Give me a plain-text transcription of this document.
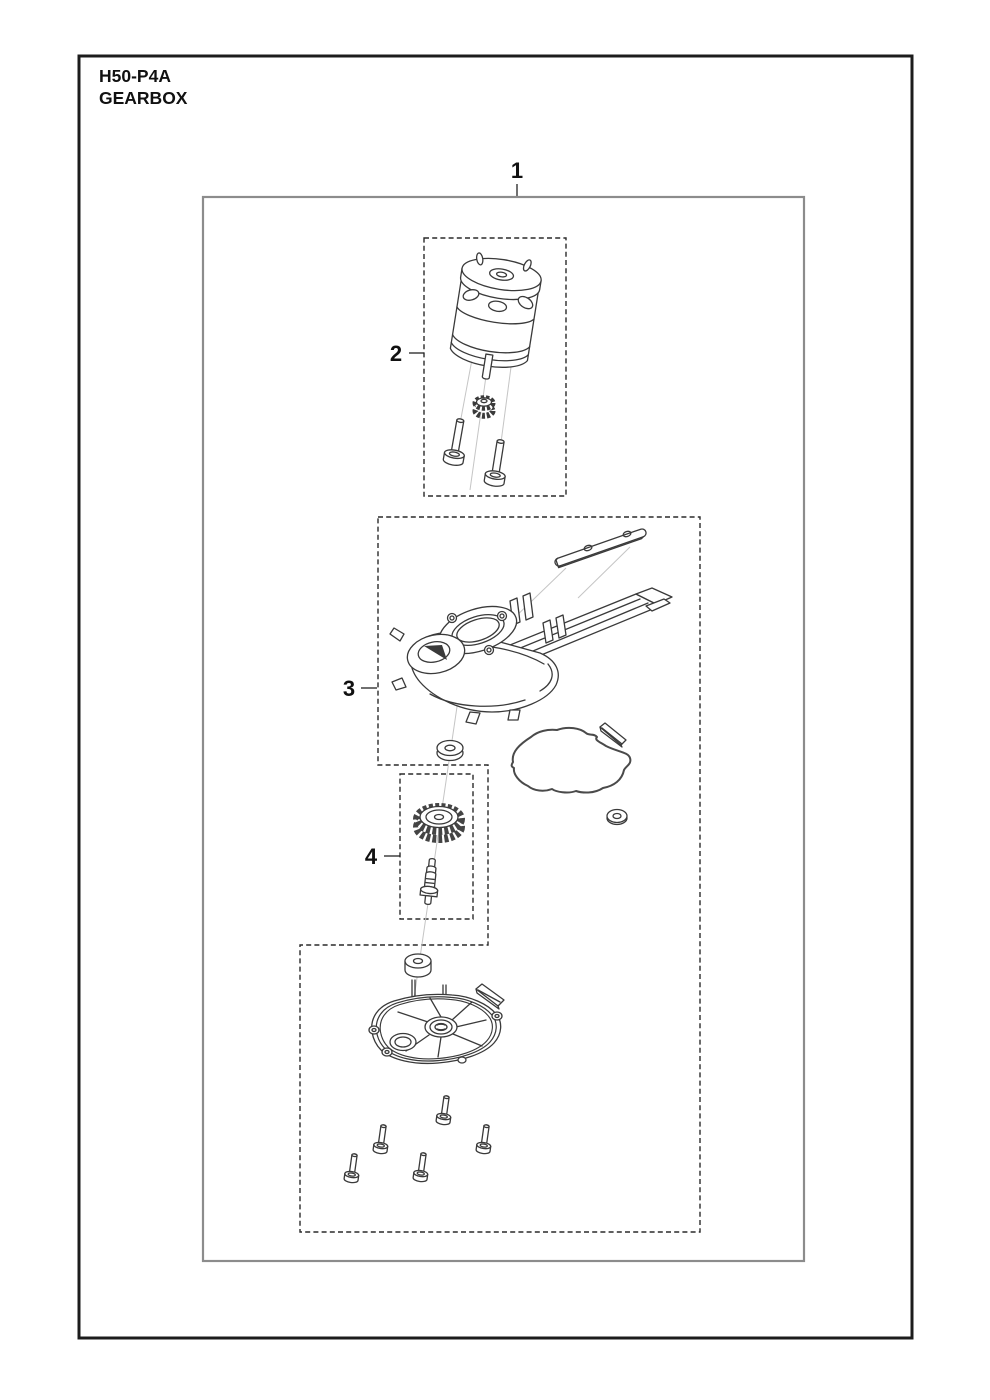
H50-P4A
GEARBOX
1
2
3
4
